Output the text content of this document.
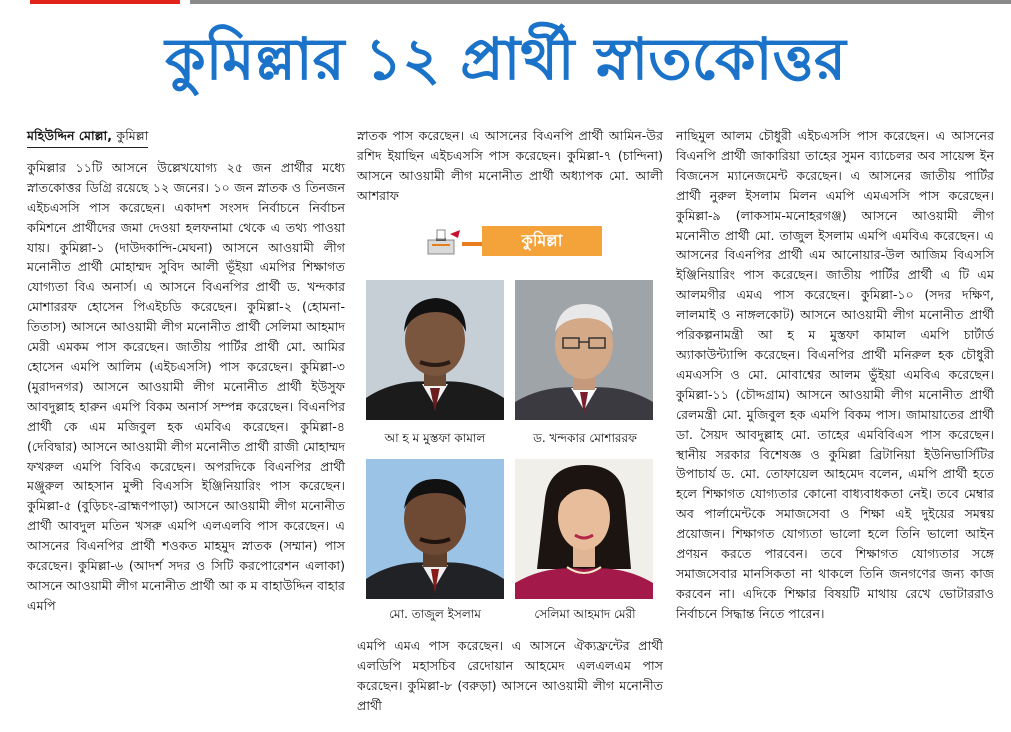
কুমিল্লার ১২ প্রার্থী স্নাতকোত্তর
মহিউদ্দিন মোল্লা, কুমিল্লা
কুমিল্লার ১১টি আসনে উল্লেখযোগ্য ২৫ জন প্রার্থীর মধ্যে স্নাতকোত্তর ডিগ্রি রয়েছে ১২ জনের। ১০ জন স্নাতক ও তিনজন এইচএসসি পাস করেছেন। একাদশ সংসদ নির্বাচনে নির্বাচন কমিশনে প্রার্থীদের জমা দেওয়া হলফনামা থেকে এ তথ্য পাওয়া যায়। কুমিল্লা-১ (দাউদকান্দি-মেঘনা) আসনে আওয়ামী লীগ মনোনীত প্রার্থী মোহাম্মদ সুবিদ আলী ভূঁইয়া এমপির শিক্ষাগত যোগ্যতা বিএ অনার্স। এ আসনে বিএনপির প্রার্থী ড. খন্দকার মোশাররফ হোসেন পিএইচডি করেছেন। কুমিল্লা-২ (হোমনা-তিতাস) আসনে আওয়ামী লীগ মনোনীত প্রার্থী সেলিমা আহমাদ মেরী এমকম পাস করেছেন। জাতীয় পার্টির প্রার্থী মো. আমির হোসেন এমপি আলিম (এইচএসসি) পাস করেছেন। কুমিল্লা-৩ (মুরাদনগর) আসনে আওয়ামী লীগ মনোনীত প্রার্থী ইউসুফ আবদুল্লাহ হারুন এমপি বিকম অনার্স সম্পন্ন করেছেন। বিএনপির প্রার্থী কে এম মজিবুল হক এমবিএ করেছেন। কুমিল্লা-৪ (দেবিদ্বার) আসনে আওয়ামী লীগ মনোনীত প্রার্থী রাজী মোহাম্মদ ফখরুল এমপি বিবিএ করেছেন। অপরদিকে বিএনপির প্রার্থী মঞ্জুরুল আহসান মুন্সী বিএসসি ইঞ্জিনিয়ারিং পাস করেছেন। কুমিল্লা-৫ (বুড়িচং-ব্রাহ্মণপাড়া) আসনে আওয়ামী লীগ মনোনীত প্রার্থী আবদুল মতিন খসরু এমপি এলএলবি পাস করেছেন। এ আসনের বিএনপির প্রার্থী শওকত মাহমুদ স্নাতক (সম্মান) পাস করেছেন। কুমিল্লা-৬ (আদর্শ সদর ও সিটি করপোরেশন এলাকা) আসনে আওয়ামী লীগ মনোনীত প্রার্থী আ ক ম বাহাউদ্দিন বাহার এমপি
স্নাতক পাস করেছেন। এ আসনের বিএনপি প্রার্থী আমিন-উর রশিদ ইয়াছিন এইচএসসি পাস করেছেন। কুমিল্লা-৭ (চান্দিনা) আসনে আওয়ামী লীগ মনোনীত প্রার্থী অধ্যাপক মো. আলী আশরাফ
কুমিল্লা
আ হ ম মুস্তফা কামাল	ড. খন্দকার মোশাররফ
মো. তাজুল ইসলাম	সেলিমা আহমাদ মেরী
এমপি এমএ পাস করেছেন। এ আসনে ঐক্যফ্রন্টের প্রার্থী এলডিপি মহাসচিব রেদোয়ান আহমেদ এলএলএম পাস করেছেন। কুমিল্লা-৮ (বরুড়া) আসনে আওয়ামী লীগ মনোনীত প্রার্থী
নাছিমুল আলম চৌধুরী এইচএসসি পাস করেছেন। এ আসনের বিএনপি প্রার্থী জাকারিয়া তাহের সুমন ব্যাচেলর অব সায়েন্স ইন বিজনেস ম্যানেজমেন্ট করেছেন। এ আসনের জাতীয় পার্টির প্রার্থী নুরুল ইসলাম মিলন এমপি এমএসসি পাস করেছেন। কুমিল্লা-৯ (লাকসাম-মনোহরগঞ্জ) আসনে আওয়ামী লীগ মনোনীত প্রার্থী মো. তাজুল ইসলাম এমপি এমবিএ করেছেন। এ আসনের বিএনপির প্রার্থী এম আনোয়ার-উল আজিম বিএসসি ইঞ্জিনিয়ারিং পাস করেছেন। জাতীয় পার্টির প্রার্থী এ টি এম আলমগীর এমএ পাস করেছেন। কুমিল্লা-১০ (সদর দক্ষিণ, লালমাই ও নাঙ্গলকোট) আসনে আওয়ামী লীগ মনোনীত প্রার্থী পরিকল্পনামন্ত্রী আ হ ম মুস্তফা কামাল এমপি চার্টার্ড অ্যাকাউন্ট্যান্সি করেছেন। বিএনপির প্রার্থী মনিরুল হক চৌধুরী এমএসসি ও মো. মোবাশ্বের আলম ভুঁইয়া এমবিএ করেছেন। কুমিল্লা-১১ (চৌদ্দগ্রাম) আসনে আওয়ামী লীগ মনোনীত প্রার্থী রেলমন্ত্রী মো. মুজিবুল হক এমপি বিকম পাস। জামায়াতের প্রার্থী ডা. সৈয়দ আবদুল্লাহ মো. তাহের এমবিবিএস পাস করেছেন। স্থানীয় সরকার বিশেষজ্ঞ ও কুমিল্লা ব্রিটানিয়া ইউনিভার্সিটির উপাচার্য ড. মো. তোফায়েল আহমেদ বলেন, এমপি প্রার্থী হতে হলে শিক্ষাগত যোগ্যতার কোনো বাধ্যবাধকতা নেই। তবে মেম্বার অব পার্লামেন্টকে সমাজসেবা ও শিক্ষা এই দুইয়ের সমন্বয় প্রয়োজন। শিক্ষাগত যোগ্যতা ভালো হলে তিনি ভালো আইন প্রণয়ন করতে পারবেন। তবে শিক্ষাগত যোগ্যতার সঙ্গে সমাজসেবার মানসিকতা না থাকলে তিনি জনগণের জন্য কাজ করবেন না। এদিকে শিক্ষার বিষয়টি মাথায় রেখে ভোটাররাও নির্বাচনে সিদ্ধান্ত নিতে পারেন।
